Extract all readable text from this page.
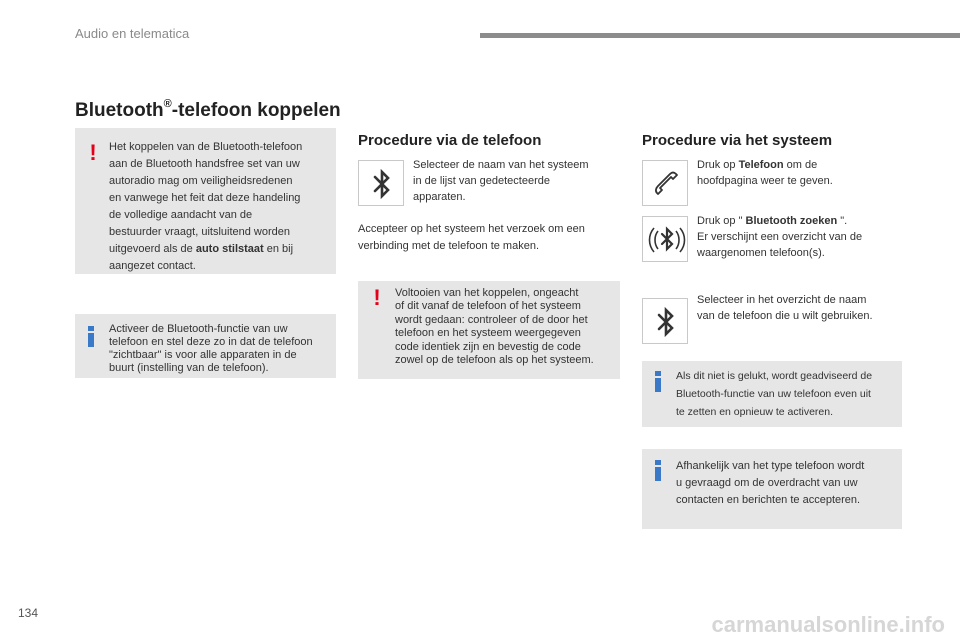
Audio en telematica
Bluetooth®-telefoon koppelen
! Het koppelen van de Bluetooth-telefoon
aan de Bluetooth handsfree set van uw
autoradio mag om veiligheidsredenen
en vanwege het feit dat deze handeling
de volledige aandacht van de
bestuurder vraagt, uitsluitend worden
uitgevoerd als de auto stilstaat en bij
aangezet contact.
Activeer de Bluetooth-functie van uw
telefoon en stel deze zo in dat de telefoon
"zichtbaar" is voor alle apparaten in de
buurt (instelling van de telefoon).
Procedure via de telefoon
Selecteer de naam van het systeem
in de lijst van gedetecteerde
apparaten.
Accepteer op het systeem het verzoek om een
verbinding met de telefoon te maken.
! Voltooien van het koppelen, ongeacht
of dit vanaf de telefoon of het systeem
wordt gedaan: controleer of de door het
telefoon en het systeem weergegeven
code identiek zijn en bevestig de code
zowel op de telefoon als op het systeem.
Procedure via het systeem
Druk op Telefoon om de
hoofdpagina weer te geven.
Druk op " Bluetooth zoeken ".
Er verschijnt een overzicht van de
waargenomen telefoon(s).
Selecteer in het overzicht de naam
van de telefoon die u wilt gebruiken.
Als dit niet is gelukt, wordt geadviseerd de
Bluetooth-functie van uw telefoon even uit
te zetten en opnieuw te activeren.
Afhankelijk van het type telefoon wordt
u gevraagd om de overdracht van uw
contacten en berichten te accepteren.
134	carmanualsonline.info
